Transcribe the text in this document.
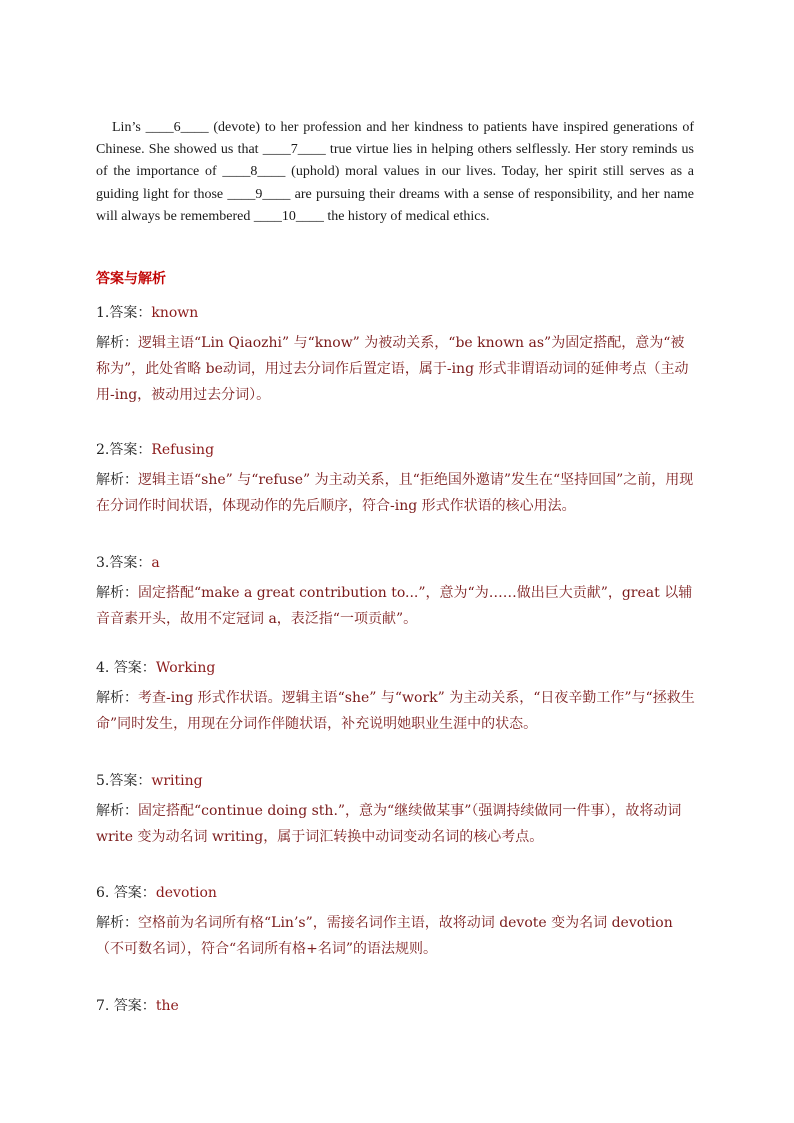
Lin’s ____6____ (devote) to her profession and her kindness to patients have inspired generations of Chinese. She showed us that ____7____ true virtue lies in helping others selflessly. Her story reminds us of the importance of ____8____ (uphold) moral values in our lives. Today, her spirit still serves as a guiding light for those ____9____ are pursuing their dreams with a sense of responsibility, and her name will always be remembered ____10____ the history of medical ethics.
答案与解析
1.答案：known
解析：逻辑主语“Lin Qiaozhi” 与“know” 为被动关系，“be known as”为固定搭配，意为“被称为”，此处省略 be动词，用过去分词作后置定语，属于-ing 形式非谓语动词的延伸考点（主动用-ing，被动用过去分词）。
2.答案：Refusing
解析：逻辑主语“she” 与“refuse” 为主动关系，且“拒绝国外邀请”发生在“坚持回国”之前，用现在分词作时间状语，体现动作的先后顺序，符合-ing 形式作状语的核心用法。
3.答案：a
解析：固定搭配“make a great contribution to...”，意为“为……做出巨大贡献”，great 以辅音音素开头，故用不定冠词 a，表泛指“一项贡献”。
4. 答案：Working
解析：考查-ing 形式作状语。逻辑主语“she” 与“work” 为主动关系，“日夜辛勤工作”与“拯救生命”同时发生，用现在分词作伴随状语，补充说明她职业生涯中的状态。
5.答案：writing
解析：固定搭配“continue doing sth.”，意为“继续做某事”（强调持续做同一件事），故将动词 write 变为动名词 writing，属于词汇转换中动词变动名词的核心考点。
6. 答案：devotion
解析：空格前为名词所有格“Lin’s”，需接名词作主语，故将动词 devote 变为名词 devotion（不可数名词），符合“名词所有格+名词”的语法规则。
7. 答案：the
